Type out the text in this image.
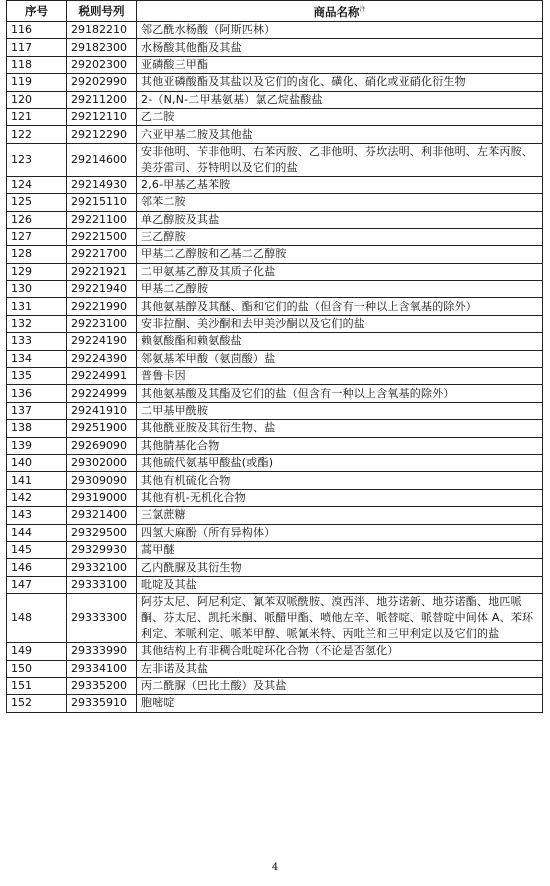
序号	税则号列	商品名称$^注$
116	29182210	邻乙酰水杨酸（阿斯匹林）
117	29182300	水杨酸其他酯及其盐
118	29202300	亚磷酸三甲酯
119	29202990	其他亚磷酸酯及其盐以及它们的卤化、磺化、硝化或亚硝化衍生物
120	29211200	2-（N,N-二甲基氨基）氯乙烷盐酸盐
121	29212110	乙二胺
122	29212290	六亚甲基二胺及其他盐
123	29214600	安非他明、苄非他明、右苯丙胺、乙非他明、芬坎法明、利非他明、左苯丙胺、美芬雷司、芬特明以及它们的盐
124	29214930	2,6-甲基乙基苯胺
125	29215110	邻苯二胺
126	29221100	单乙醇胺及其盐
127	29221500	三乙醇胺
128	29221700	甲基二乙醇胺和乙基二乙醇胺
129	29221921	二甲氨基乙醇及其质子化盐
130	29221940	甲基二乙醇胺
131	29221990	其他氨基醇及其醚、酯和它们的盐（但含有一种以上含氧基的除外）
132	29223100	安非拉酮、美沙酮和去甲美沙酮以及它们的盐
133	29224190	赖氨酸酯和赖氨酸盐
134	29224390	邻氨基苯甲酸（氨茴酸）盐
135	29224991	普鲁卡因
136	29224999	其他氨基酸及其酯及它们的盐（但含有一种以上含氧基的除外）
137	29241910	二甲基甲酰胺
138	29251900	其他酰亚胺及其衍生物、盐
139	29269090	其他腈基化合物
140	29302000	其他硫代氨基甲酸盐(或酯)
141	29309090	其他有机硫化合物
142	29319000	其他有机-无机化合物
143	29321400	三氯蔗糖
144	29329500	四氢大麻酚（所有异构体）
145	29329930	蒿甲醚
146	29332100	乙内酰脲及其衍生物
147	29333100	吡啶及其盐
148	29333300	阿芬太尼、阿尼利定、氰苯双哌酰胺、溴西泮、地芬诺新、地芬诺酯、地匹哌酮、芬太尼、凯托米酮、哌醋甲酯、喷他左辛、哌替啶、哌替啶中间体 A、苯环利定、苯哌利定、哌苯甲醇、哌氰米特、丙吡兰和三甲利定以及它们的盐
149	29333990	其他结构上有非稠合吡啶环化合物（不论是否氢化）
150	29334100	左非诺及其盐
151	29335200	丙二酰脲（巴比土酸）及其盐
152	29335910	胞嘧啶
4
